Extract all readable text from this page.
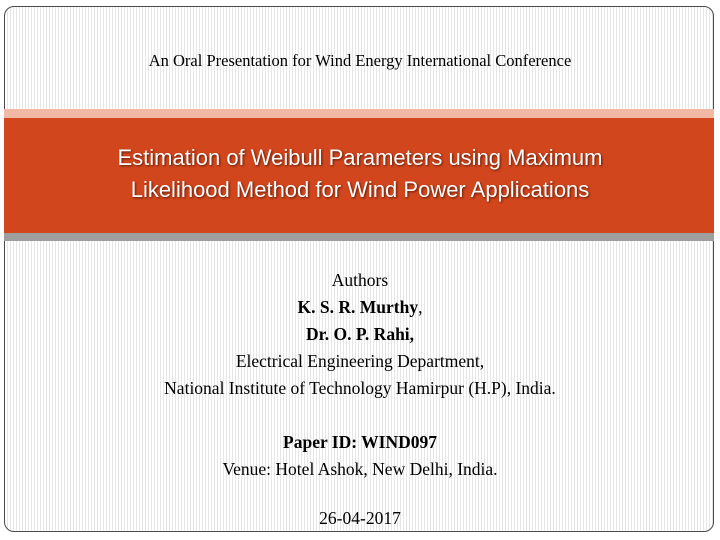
An Oral Presentation for Wind Energy International Conference
Estimation of Weibull Parameters using Maximum
Likelihood Method for Wind Power Applications
Authors
K. S. R. Murthy,
Dr. O. P. Rahi,
Electrical Engineering Department,
National Institute of Technology Hamirpur (H.P), India.
Paper ID: WIND097
Venue: Hotel Ashok, New Delhi, India.
26-04-2017
